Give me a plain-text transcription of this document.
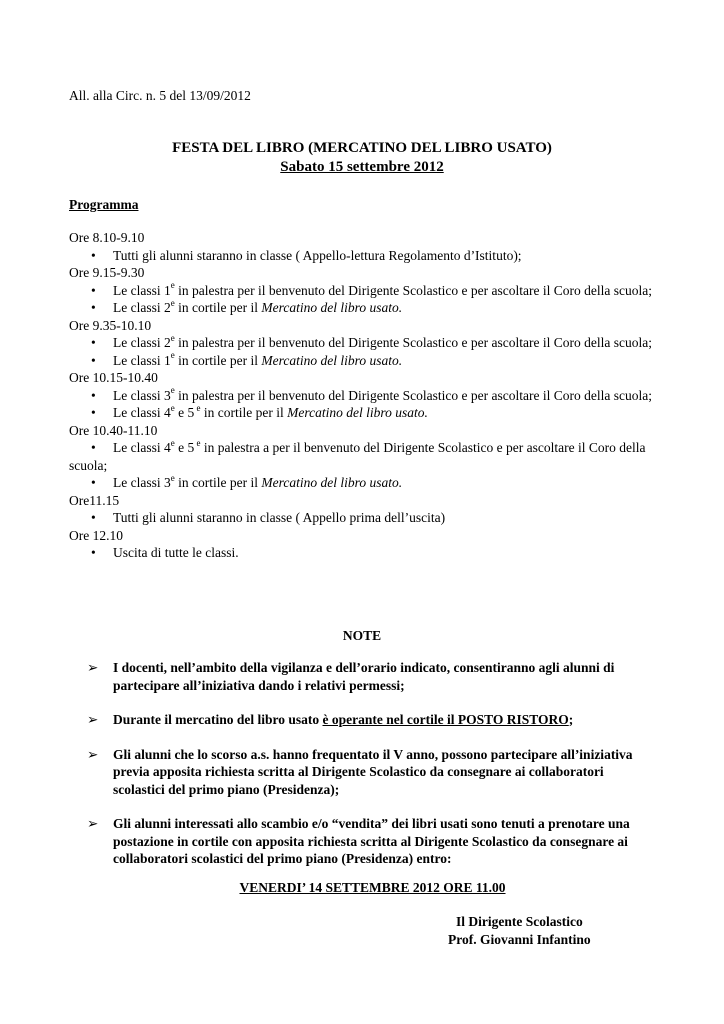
All. alla Circ. n. 5 del 13/09/2012
FESTA DEL LIBRO (MERCATINO DEL LIBRO USATO)
Sabato 15 settembre 2012
Programma
Ore 8.10-9.10
• Tutti gli alunni staranno in classe ( Appello-lettura Regolamento d’Istituto);
Ore 9.15-9.30
• Le classi 1e in palestra per il benvenuto del Dirigente Scolastico e per ascoltare il Coro della scuola;
• Le classi 2e in cortile per il Mercatino del libro usato.
Ore 9.35-10.10
• Le classi 2e in palestra per il benvenuto del Dirigente Scolastico e per ascoltare il Coro della scuola;
• Le classi 1e in cortile per il Mercatino del libro usato.
Ore 10.15-10.40
• Le classi 3e in palestra per il benvenuto del Dirigente Scolastico e per ascoltare il Coro della scuola;
• Le classi 4e e 5 $^e$ in cortile per il Mercatino del libro usato.
Ore 10.40-11.10
• Le classi 4e e 5 $^e$ in palestra a per il benvenuto del Dirigente Scolastico e per ascoltare il Coro della scuola;
• Le classi 3e in cortile per il Mercatino del libro usato.
Ore11.15
• Tutti gli alunni staranno in classe ( Appello prima dell’uscita)
Ore 12.10
• Uscita di tutte le classi.
NOTE
➢ I docenti, nell’ambito della vigilanza e dell’orario indicato, consentiranno agli alunni di partecipare all’iniziativa dando i relativi permessi;
➢ Durante il mercatino del libro usato è operante nel cortile il POSTO RISTORO;
➢ Gli alunni che lo scorso a.s. hanno frequentato il V anno, possono partecipare all’iniziativa previa apposita richiesta scritta al Dirigente Scolastico da consegnare ai collaboratori scolastici del primo piano (Presidenza);
➢ Gli alunni interessati allo scambio e/o “vendita” dei libri usati sono tenuti a prenotare una postazione in cortile con apposita richiesta scritta al Dirigente Scolastico da consegnare ai collaboratori scolastici del primo piano (Presidenza) entro:
VENERDI’ 14 SETTEMBRE 2012 ORE 11.00
Il Dirigente Scolastico
Prof. Giovanni Infantino
